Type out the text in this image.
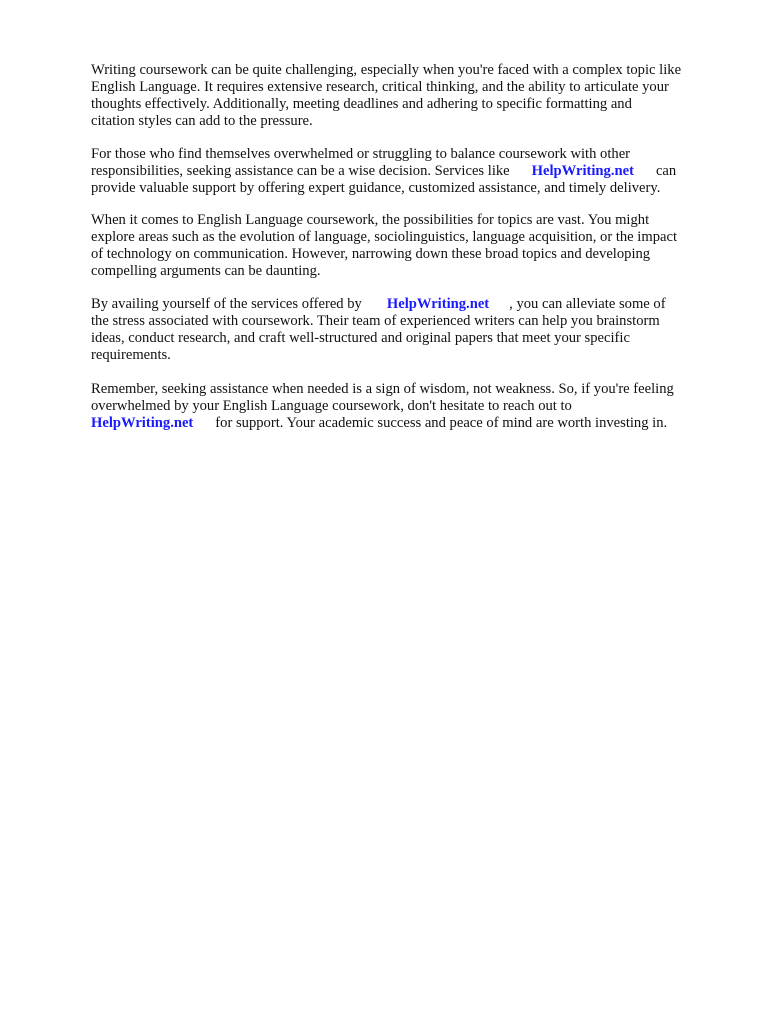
Writing coursework can be quite challenging, especially when you're faced with a complex topic like
English Language. It requires extensive research, critical thinking, and the ability to articulate your
thoughts effectively. Additionally, meeting deadlines and adhering to specific formatting and
citation styles can add to the pressure.

For those who find themselves overwhelmed or struggling to balance coursework with other
responsibilities, seeking assistance can be a wise decision. Services like HelpWriting.net can
provide valuable support by offering expert guidance, customized assistance, and timely delivery.

When it comes to English Language coursework, the possibilities for topics are vast. You might
explore areas such as the evolution of language, sociolinguistics, language acquisition, or the impact
of technology on communication. However, narrowing down these broad topics and developing
compelling arguments can be daunting.

By availing yourself of the services offered by HelpWriting.net , you can alleviate some of
the stress associated with coursework. Their team of experienced writers can help you brainstorm
ideas, conduct research, and craft well-structured and original papers that meet your specific
requirements.

Remember, seeking assistance when needed is a sign of wisdom, not weakness. So, if you're feeling
overwhelmed by your English Language coursework, don't hesitate to reach out to
HelpWriting.net for support. Your academic success and peace of mind are worth investing in.
